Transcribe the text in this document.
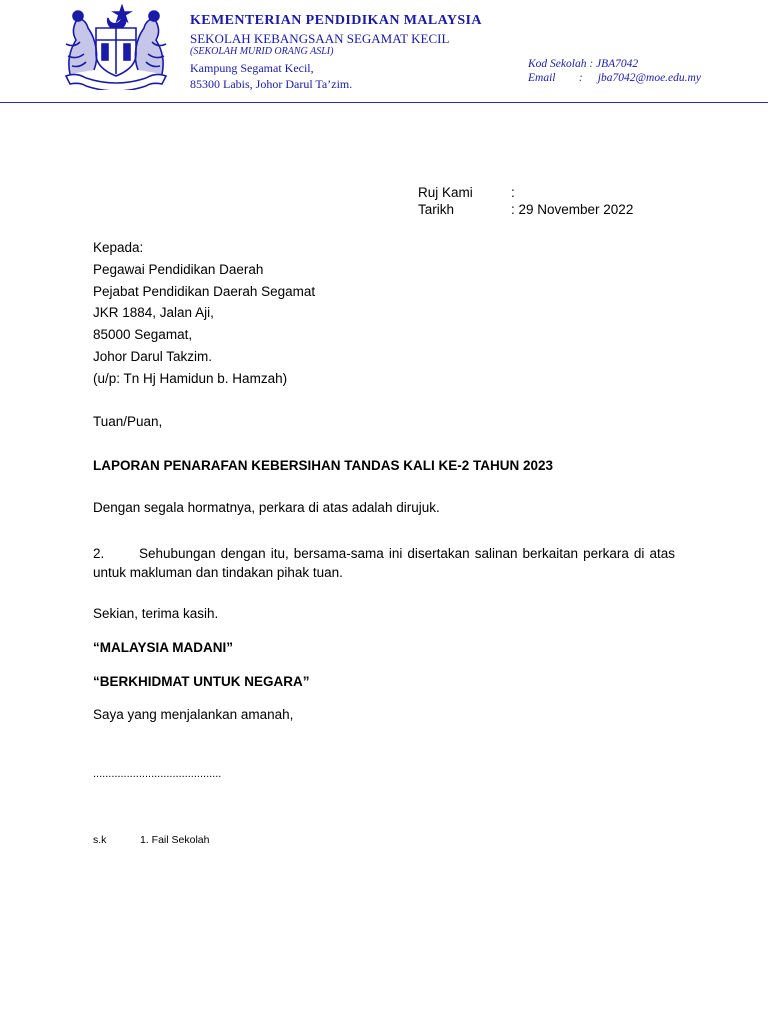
KEMENTERIAN PENDIDIKAN MALAYSIA
SEKOLAH KEBANGSAAN SEGAMAT KECIL
(SEKOLAH MURID ORANG ASLI)
Kampung Segamat Kecil,
85300 Labis, Johor Darul Ta’zim.
Kod Sekolah : JBA7042
Email : jba7042@moe.edu.my
Ruj Kami	:
Tarikh	: 29 November 2022
Kepada:
Pegawai Pendidikan Daerah
Pejabat Pendidikan Daerah Segamat
JKR 1884, Jalan Aji,
85000 Segamat,
Johor Darul Takzim.
(u/p: Tn Hj Hamidun b. Hamzah)
Tuan/Puan,
LAPORAN PENARAFAN KEBERSIHAN TANDAS KALI KE-2 TAHUN 2023
Dengan segala hormatnya, perkara di atas adalah dirujuk.
2.	Sehubungan dengan itu, bersama-sama ini disertakan salinan berkaitan perkara di atas untuk makluman dan tindakan pihak tuan.
Sekian, terima kasih.
“MALAYSIA MADANI”
“BERKHIDMAT UNTUK NEGARA”
Saya yang menjalankan amanah,
..........................................
s.k	1. Fail Sekolah
